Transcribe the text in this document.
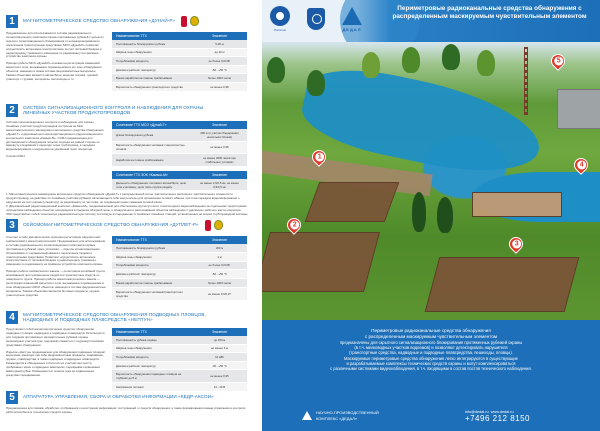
1	МАГНИТОМЕТРИЧЕСКОЕ СРЕДСТВО ОБНАРУЖЕНИЯ «ДУНАЙ-Р»

Предназначено для использования в составе радиоканального сигнализационного комплекса охраны протяжённых рубежей с целью их скрытого сигнализационного блокирования от несанкционированного пересечения транспортными средствами. МСО «Дунай-Р» позволяет осуществлять автономное электропитание за счёт литиевой батареи и радиопередачу тревожного извещения по радиоканалу на приёмное устройство комплекса охраны.

Принцип работы МСО «Дунай-Р» основан на регистрации изменений магнитного поля, вызываемых перемещением в его зоне обнаружения объектов, имеющих в своём составе ферромагнитные материалы. Такими объектами являются автомобили, военная техника, гужевой транспорт с грузами, мотоциклы, велосипеды и т.п.

Наименование ТТХ	Значение
Протяжённость блокируемого рубежа	5-30 м
Ширина зоны обнаружения	до 20 м
Потребляемая мощность	не более 0,03 Вт
Диапазон рабочих температур	-50...+50 °С
Время наработки на ложное срабатывание	более 1000 часов
Вероятность обнаружения транспортного средства	не менее 0,98
2	СИСТЕМА СИГНАЛИЗАЦИОННОГО КОНТРОЛЯ И НАБЛЮДЕНИЯ ДЛЯ ОХРАНЫ ЛИНЕЙНЫХ УЧАСТКОВ ПРОДУКТОПРОВОДОВ

Система сигнализационного контроля и наблюдения для охраны линейных участков продуктопроводов построена на базе магнитометрического маскируемого волоконного средства обнаружения «Дунай-Т» и двухканального краткодистанционного радиолокационного контрольного комплекса «Камыш-М». СОКН предназначена для дистанционного обнаружения попытки подхода на равной стороне по маршруту следования и переходе через трубопровод, а передача видеоинформации о нарушении на удалённый пункт оператора.

Состав СОКН:

Сочетание ТТХ МСО «Дунай-Т»	Значение
Длина блокируемого рубежа	300 м (с учётом объединения нескольких блоков)
Вероятность обнаружения человека с вероятностью сигнала	не менее 0,98
Наработка на ложное срабатывание	не менее 2000 часов при стабильных условиях
Сочетание ТТХ ЗОК «Камыш-М»	Значение
Дальность обнаружения: легкового автомобиля, цели типа «человек», цели типа «группа людей»	не менее 4,5/2,5 км, не менее 0,5/0,5 км

1. Магнитометрическое маскируемое волоконное средство обнаружения «Дунай-Т» с распределённой сетью чувствительного распорного чувствительного элемента по продуктопроводу, на действие по линейным участкам рубежей, включающая в себя контроллеры для организации сетевого обмена, при этом передача видеоинформации о нарушении на пост охраны (оператору) по радиоканалу по частотам, не создающим помех смежным сетевой связи.

2. Двухканальный радиолокационный комплекс «Камыш-М», предназначенный для обеспечения круглосуточного и всепогодного видеонаблюдения за отдельными территориями посредством наблюдения объектов, находящихся в пределах обзорной зоны, и обнаружения и распознавания объектов наблюдения с удалённого рабочего места оператора.

ЗОК представляет собой техническую радиокомплектную систему, состоящую из передающих и приёмных линейных станций, установленных на опорах трубопроводной системы.

3	СЕЙСМОМАГНИТОМЕТРИЧЕСКОЕ СРЕДСТВО ОБНАРУЖЕНИЯ «ДУПЛЕТ-Р»

Сочетает в себе два физических принципа регистрации нарушителей: сейсмический и магнитометрический. Предназначено для использования в составе радиоканального сигнализационного комплекса охраны протяжённых рубежей. Цель установки — скрытое сигнализационное блокирование от несанкционированного пересечения людьми и транспортными средствами. Позволяет осуществлять автономное электропитание от литиевой батареи и радиопередачу тревожного извещения по радиоканалу на приёмное устройство комплекса охраны.

Принцип работы сейсмического канала — регистрация колебаний грунта, возникающих при перемещении людей или транспортных средств по поверхности грунта. Принцип работы магнитометрического канала — регистрация изменений магнитного поля, вызываемых перемещением в зоне обнаружения СМСО объектов, имеющих в составе ферромагнитные материалы. Такими объектами являются бытовые предметы, оружие, транспортные средства.

Наименование ТТХ	Значение
Протяжённость блокируемого рубежа	200 м
Ширина зоны обнаружения	4 м
Потребляемая мощность	не более 0,03 Вт
Диапазон рабочих температур	-50...+50 °С
Время наработки на ложное срабатывание	более 1000 часов
Вероятность обнаружения человека/транспортного средства	не менее 0,9/0,97
4	МАГНИТОМЕТРИЧЕСКОЕ СРЕДСТВО ОБНАРУЖЕНИЯ ПОДВОДНЫХ ПЛОВЦОВ, НАДВОДНЫХ И ПОДВОДНЫХ ПЛАВСРЕДСТВ «НЕПТУН»

Представляет собой магнитометрическое средство обнаружения подводных пловцов, надводных и подводных плавсредств. Используется для создания протяжённых заградительных рубежей охраны мелководных участков (рек, водоёмов) совместно с гидроакустическими средствами обнаружения.

Изделие «Нептун» предназначено для обнаружения подводных пловцов/водолазов, имеющих при себе ферромагнитные предметы, снаряжение, оружие, плавсредства, а также подводных и надводных плавсредств. Размещается в обводненных и болотистых участках местности, прибрежных зонах и подводных акваториях, перекрывая охраняемый акваторный рубеж. Размещается в течение года на подвешенных средствах передвижения.

Наименование ТТХ	Значение
Протяжённость рубежа охраны	до 250 м
Ширина зоны обнаружения	не менее 4 м
Потребляемая мощность	10 мВт
Диапазон рабочих температур	-30...+50 °С
Вероятность обнаружения подводных пловцов на глубинах до 8 м	не менее 0,95
Напряжение питания	10...30 В
5	АППАРАТУРА УПРАВЛЕНИЯ, СБОРА И ОБРАБОТКИ ИНФОРМАЦИИ «КЕДР-АКСОИ»

Предназначена для приёма, обработки, отображения и регистрации информации, поступающей от средств обнаружения, а также формирования команд управления и контроля работоспособности технических средств охраны.

Росатом	ДЕДАЛ
Периметровые радиоканальные средства обнаружения с распределенным маскируемым чувствительным элементом
1
2
3
4
5
Периметровые радиоканальные средства обнаружения
с распределенным маскируемым чувствительным элементом
предназначены для скрытного сигнализационного блокирования протяженных рубежей охраны
(в т.ч. мелководных участков водоемов) и позволяют детектировать нарушителя
(транспортные средства, надводные и подводные плавсредства, пешеходы, пловцы).
Маскируемые периметровые средства обнаружения легко интегрируются в существующие
и разрабатываемые комплексы технических средств охраны и могут комплексироваться
с различными системами видеонаблюдения, в т.ч. входящими в состав постов технического наблюдения.
НАУЧНО-ПРОИЗВОДСТВЕННЫЙ
КОМПЛЕКС «ДЕДАЛ»
info@dedal.ru www.dedal.ru
+7496 212 8150
